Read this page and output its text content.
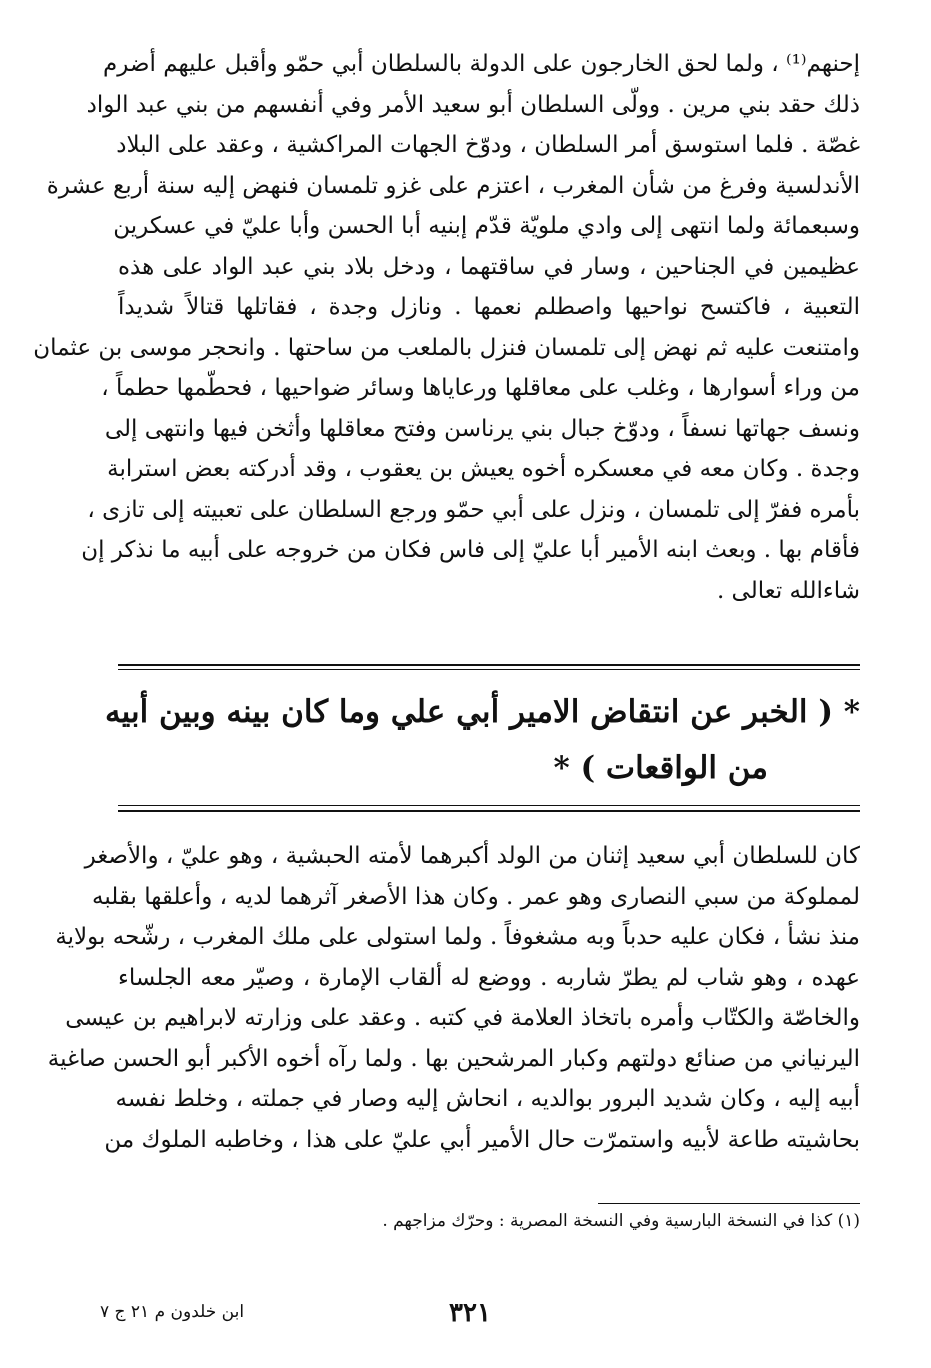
إحنهم⁽¹⁾ ، ولما لحق الخارجون على الدولة بالسلطان أبي حمّو وأقبل عليهم أضرم
ذلك حقد بني مرين . وولّى السلطان أبو سعيد الأمر وفي أنفسهم من بني عبد الواد
غصّة . فلما استوسق أمر السلطان ، ودوّخ الجهات المراكشية ، وعقد على البلاد
الأندلسية وفرغ من شأن المغرب ، اعتزم على غزو تلمسان فنهض إليه سنة أربع عشرة
وسبعمائة ولما انتهى إلى وادي ملويّة قدّم إبنيه أبا الحسن وأبا عليّ في عسكرين
عظيمين في الجناحين ، وسار في ساقتهما ، ودخل بلاد بني عبد الواد على هذه
التعبية ، فاكتسح نواحيها واصطلم نعمها . ونازل وجدة ، فقاتلها قتالاً شديداً
وامتنعت عليه ثم نهض إلى تلمسان فنزل بالملعب من ساحتها . وانحجر موسى بن عثمان
من وراء أسوارها ، وغلب على معاقلها ورعاياها وسائر ضواحيها ، فحطّمها حطماً ،
ونسف جهاتها نسفاً ، ودوّخ جبال بني يرناسن وفتح معاقلها وأثخن فيها وانتهى إلى
وجدة . وكان معه في معسكره أخوه يعيش بن يعقوب ، وقد أدركته بعض استرابة
بأمره ففرّ إلى تلمسان ، ونزل على أبي حمّو ورجع السلطان على تعبيته إلى تازى ،
فأقام بها . وبعث ابنه الأمير أبا عليّ إلى فاس فكان من خروجه على أبيه ما نذكر إن
شاءالله تعالى .
* ( الخبر عن انتقاض الامير أبي علي وما كان بينه وبين أبيه
من الواقعات ) *
كان للسلطان أبي سعيد إثنان من الولد أكبرهما لأمته الحبشية ، وهو عليّ ، والأصغر
لمملوكة من سبي النصارى وهو عمر . وكان هذا الأصغر آثرهما لديه ، وأعلقها بقلبه
منذ نشأ ، فكان عليه حدباً وبه مشغوفاً . ولما استولى على ملك المغرب ، رشّحه بولاية
عهده ، وهو شاب لم يطرّ شاربه . ووضع له ألقاب الإمارة ، وصيّر معه الجلساء
والخاصّة والكتّاب وأمره باتخاذ العلامة في كتبه . وعقد على وزارته لابراهيم بن عيسى
اليرنياني من صنائع دولتهم وكبار المرشحين بها . ولما رآه أخوه الأكبر أبو الحسن صاغية
أبيه إليه ، وكان شديد البرور بوالديه ، انحاش إليه وصار في جملته ، وخلط نفسه
بحاشيته طاعة لأبيه واستمرّت حال الأمير أبي عليّ على هذا ، وخاطبه الملوك من
(١) كذا في النسخة البارسية وفي النسخة المصرية : وحرّك مزاجهم .
٣٢١
ابن خلدون م ٢١ ج ٧
